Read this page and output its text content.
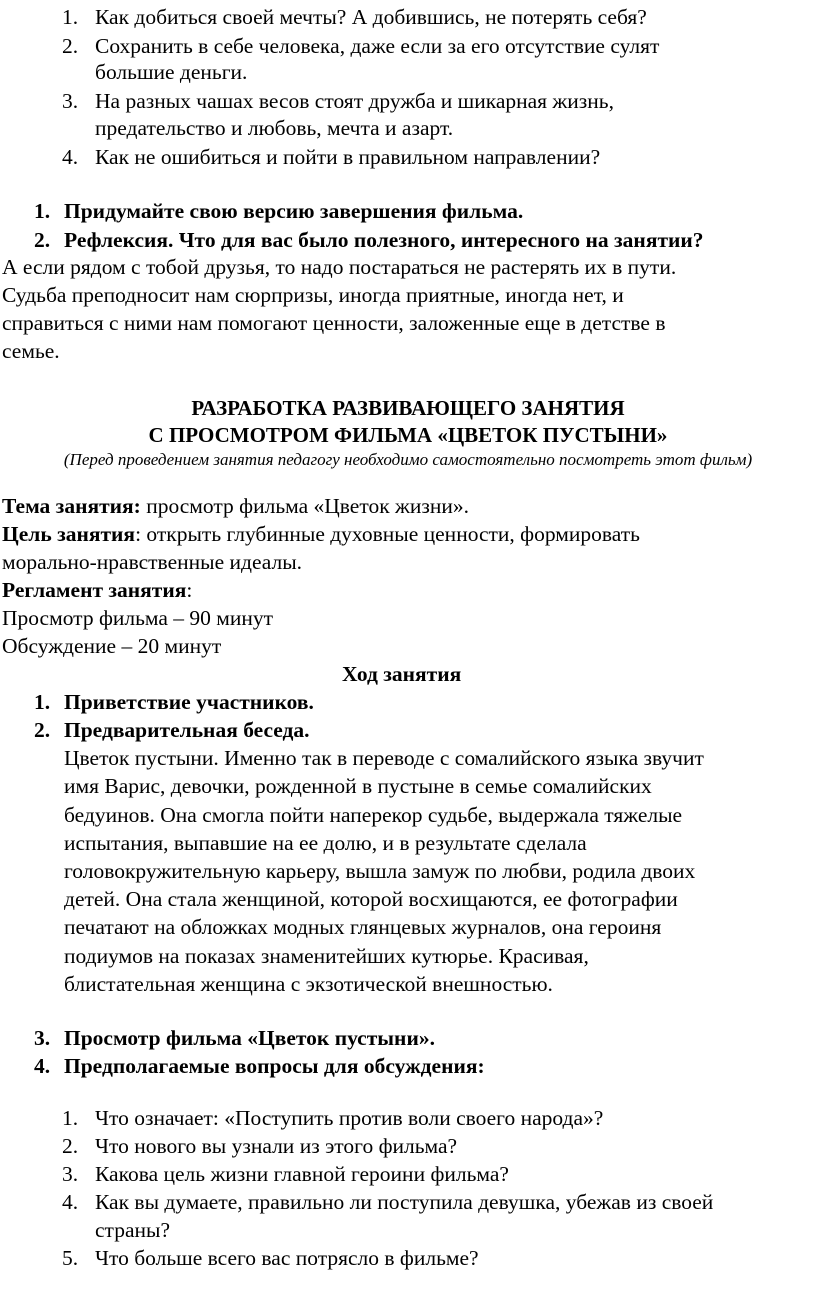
1. Как добиться своей мечты? А добившись, не потерять себя?
2. Сохранить в себе человека, даже если за его отсутствие сулят
большие деньги.
3. На разных чашах весов стоят дружба и шикарная жизнь,
предательство и любовь, мечта и азарт.
4. Как не ошибиться и пойти в правильном направлении?
1. Придумайте свою версию завершения фильма.
2. Рефлексия. Что для вас было полезного, интересного на занятии?
А если рядом с тобой друзья, то надо постараться не растерять их в пути.
Судьба преподносит нам сюрпризы, иногда приятные, иногда нет, и
справиться с ними нам помогают ценности, заложенные еще в детстве в
семье.
РАЗРАБОТКА РАЗВИВАЮЩЕГО ЗАНЯТИЯ
С ПРОСМОТРОМ ФИЛЬМА «ЦВЕТОК ПУСТЫНИ»
(Перед проведением занятия педагогу необходимо самостоятельно посмотреть этот фильм)
Тема занятия: просмотр фильма «Цветок жизни».
Цель занятия: открыть глубинные духовные ценности, формировать
морально-нравственные идеалы.
Регламент занятия:
Просмотр фильма – 90 минут
Обсуждение – 20 минут
Ход занятия
1. Приветствие участников.
2. Предварительная беседа.
Цветок пустыни. Именно так в переводе с сомалийского языка звучит
имя Варис, девочки, рожденной в пустыне в семье сомалийских
бедуинов. Она смогла пойти наперекор судьбе, выдержала тяжелые
испытания, выпавшие на ее долю, и в результате сделала
головокружительную карьеру, вышла замуж по любви, родила двоих
детей. Она стала женщиной, которой восхищаются, ее фотографии
печатают на обложках модных глянцевых журналов, она героиня
подиумов на показах знаменитейших кутюрье. Красивая,
блистательная женщина с экзотической внешностью.
3. Просмотр фильма «Цветок пустыни».
4. Предполагаемые вопросы для обсуждения:
1. Что означает: «Поступить против воли своего народа»?
2. Что нового вы узнали из этого фильма?
3. Какова цель жизни главной героини фильма?
4. Как вы думаете, правильно ли поступила девушка, убежав из своей
страны?
5. Что больше всего вас потрясло в фильме?
